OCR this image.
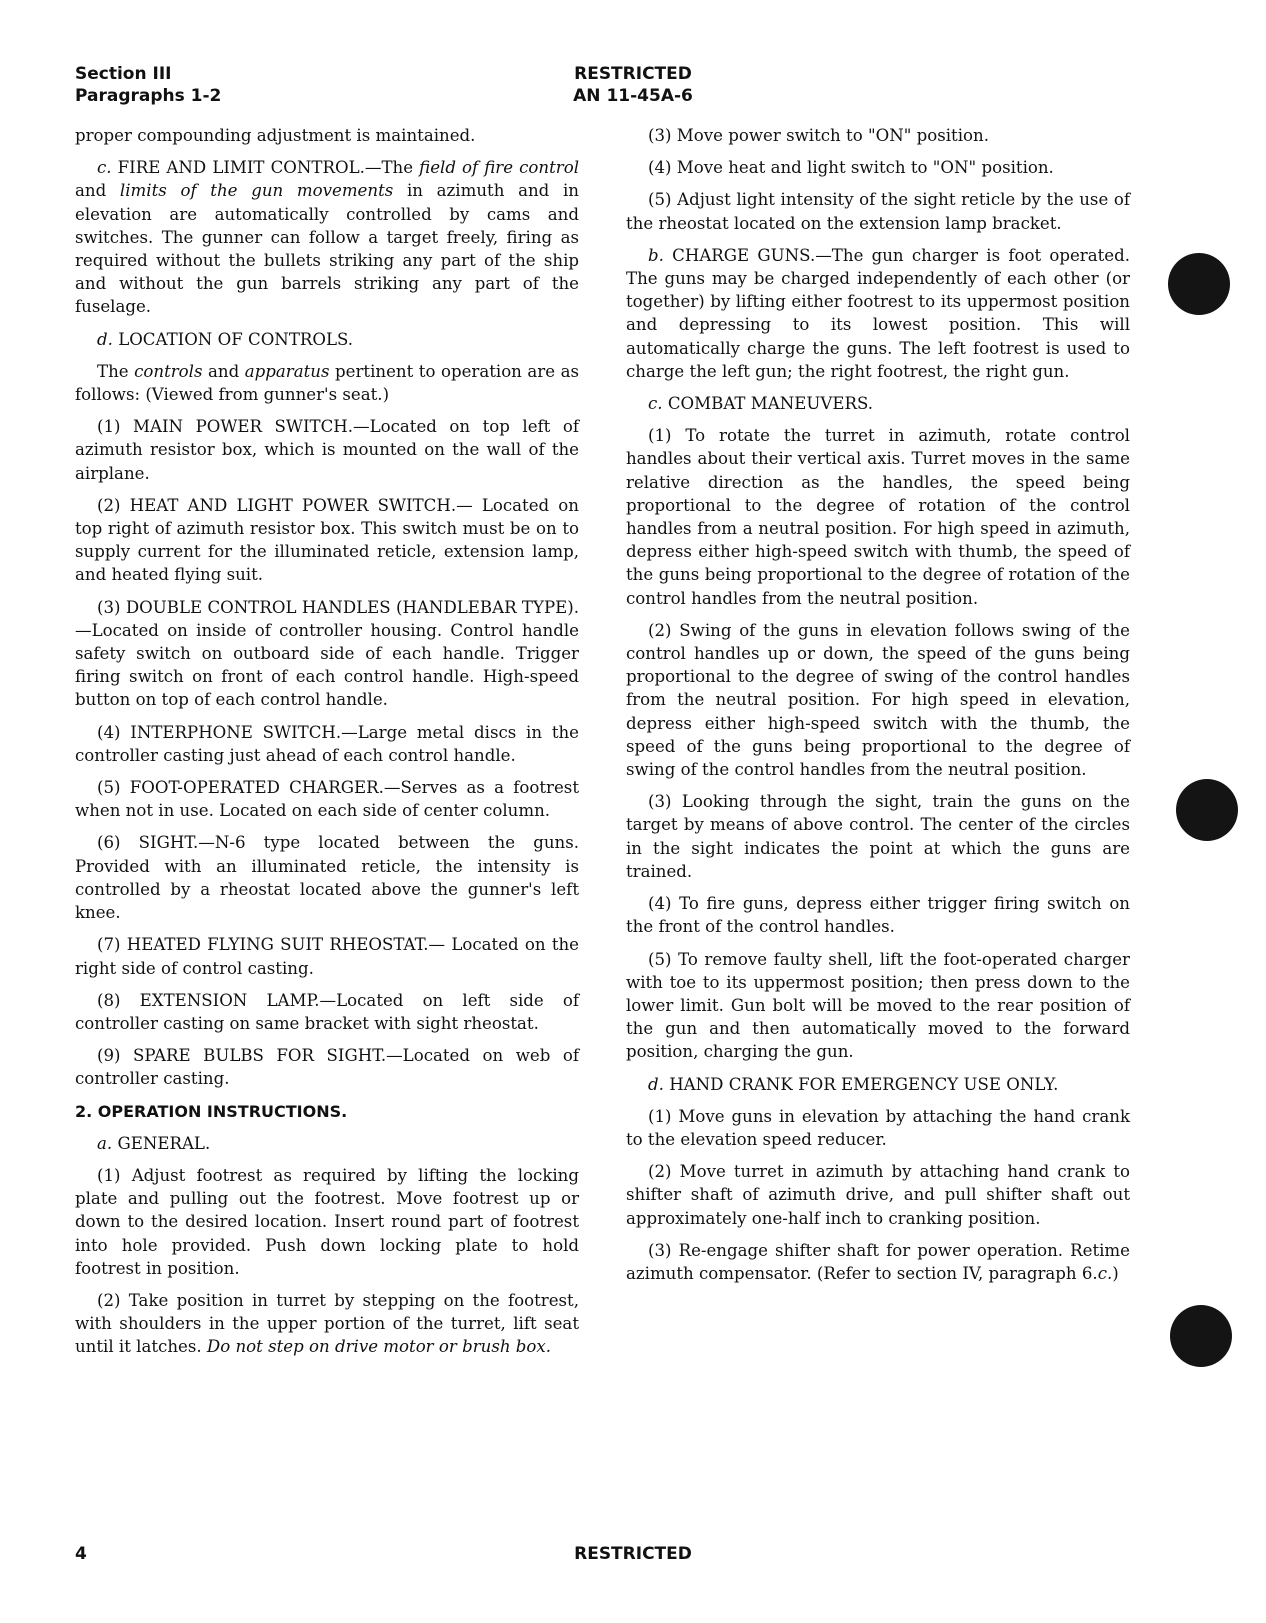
Section III
Paragraphs 1-2
RESTRICTED
AN 11-45A-6

proper compounding adjustment is maintained.

c. FIRE AND LIMIT CONTROL.—The field of fire control and limits of the gun movements in azimuth and in elevation are automatically controlled by cams and switches. The gunner can follow a target freely, firing as required without the bullets striking any part of the ship and without the gun barrels striking any part of the fuselage.

d. LOCATION OF CONTROLS.

The controls and apparatus pertinent to operation are as follows: (Viewed from gunner's seat.)

(1) MAIN POWER SWITCH.—Located on top left of azimuth resistor box, which is mounted on the wall of the airplane.

(2) HEAT AND LIGHT POWER SWITCH.— Located on top right of azimuth resistor box. This switch must be on to supply current for the illuminated reticle, extension lamp, and heated flying suit.

(3) DOUBLE CONTROL HANDLES (HANDLEBAR TYPE).—Located on inside of controller housing. Control handle safety switch on outboard side of each handle. Trigger firing switch on front of each control handle. High-speed button on top of each control handle.

(4) INTERPHONE SWITCH.—Large metal discs in the controller casting just ahead of each control handle.

(5) FOOT-OPERATED CHARGER.—Serves as a footrest when not in use. Located on each side of center column.

(6) SIGHT.—N-6 type located between the guns. Provided with an illuminated reticle, the intensity is controlled by a rheostat located above the gunner's left knee.

(7) HEATED FLYING SUIT RHEOSTAT.— Located on the right side of control casting.

(8) EXTENSION LAMP.—Located on left side of controller casting on same bracket with sight rheostat.

(9) SPARE BULBS FOR SIGHT.—Located on web of controller casting.

2. OPERATION INSTRUCTIONS.

a. GENERAL.

(1) Adjust footrest as required by lifting the locking plate and pulling out the footrest. Move footrest up or down to the desired location. Insert round part of footrest into hole provided. Push down locking plate to hold footrest in position.

(2) Take position in turret by stepping on the footrest, with shoulders in the upper portion of the turret, lift seat until it latches. Do not step on drive motor or brush box.

(3) Move power switch to "ON" position.

(4) Move heat and light switch to "ON" position.

(5) Adjust light intensity of the sight reticle by the use of the rheostat located on the extension lamp bracket.

b. CHARGE GUNS.—The gun charger is foot operated. The guns may be charged independently of each other (or together) by lifting either footrest to its uppermost position and depressing to its lowest position. This will automatically charge the guns. The left footrest is used to charge the left gun; the right footrest, the right gun.

c. COMBAT MANEUVERS.

(1) To rotate the turret in azimuth, rotate control handles about their vertical axis. Turret moves in the same relative direction as the handles, the speed being proportional to the degree of rotation of the control handles from a neutral position. For high speed in azimuth, depress either high-speed switch with thumb, the speed of the guns being proportional to the degree of rotation of the control handles from the neutral position.

(2) Swing of the guns in elevation follows swing of the control handles up or down, the speed of the guns being proportional to the degree of swing of the control handles from the neutral position. For high speed in elevation, depress either high-speed switch with the thumb, the speed of the guns being proportional to the degree of swing of the control handles from the neutral position.

(3) Looking through the sight, train the guns on the target by means of above control. The center of the circles in the sight indicates the point at which the guns are trained.

(4) To fire guns, depress either trigger firing switch on the front of the control handles.

(5) To remove faulty shell, lift the foot-operated charger with toe to its uppermost position; then press down to the lower limit. Gun bolt will be moved to the rear position of the gun and then automatically moved to the forward position, charging the gun.

d. HAND CRANK FOR EMERGENCY USE ONLY.

(1) Move guns in elevation by attaching the hand crank to the elevation speed reducer.

(2) Move turret in azimuth by attaching hand crank to shifter shaft of azimuth drive, and pull shifter shaft out approximately one-half inch to cranking position.

(3) Re-engage shifter shaft for power operation. Retime azimuth compensator. (Refer to section IV, paragraph 6.c.)

4	RESTRICTED
